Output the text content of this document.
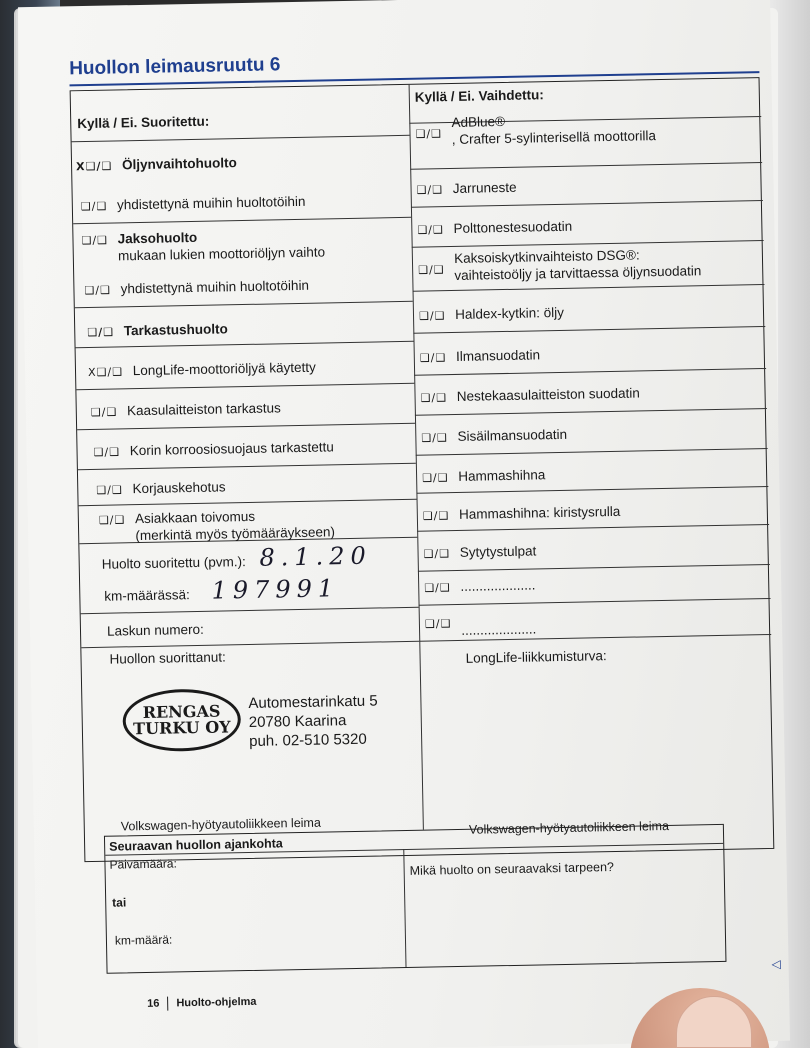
Huollon leimausruutu 6
Kyllä / Ei. Suoritettu:
Kyllä / Ei. Vaihdettu:
X❑/❑ Öljynvaihtohuolto
❑/❑ yhdistettynä muihin huoltotöihin
❑/❑ Jaksohuolto
mukaan lukien moottoriöljyn vaihto
❑/❑ yhdistettynä muihin huoltotöihin
❑/❑ Tarkastushuolto
X❑/❑ LongLife-moottoriöljyä käytetty
❑/❑ Kaasulaitteiston tarkastus
❑/❑ Korin korroosiosuojaus tarkastettu
❑/❑ Korjauskehotus
❑/❑ Asiakkaan toivomus
(merkintä myös työmääräykseen)
Huolto suoritettu (pvm.): 8.1.20
km-määrässä: 197991
Laskun numero:
❑/❑
AdBlue®
, Crafter 5-sylinterisellä moottorilla
❑/❑ Jarruneste
❑/❑ Polttonestesuodatin
$_{❑/❑}$
Kaksoiskytkinvaihteisto DSG®:
vaihteistoöljy ja tarvittaessa öljynsuodatin
❑/❑ Haldex-kytkin: öljy
❑/❑ Ilmansuodatin
❑/❑ Nestekaasulaitteiston suodatin
❑/❑ Sisäilmansuodatin
❑/❑ Hammashihna
❑/❑ Hammashihna: kiristysrulla
❑/❑ Sytytystulpat
❑/❑ ....................
❑/❑ ....................
Huollon suorittanut:	LongLife-liikkumisturva:
RENGAS
TURKU OY
Automestarinkatu 5
20780 Kaarina
puh. 02-510 5320
Volkswagen-hyötyautoliikkeen leima	Volkswagen-hyötyautoliikkeen leima
Seuraavan huollon ajankohta
Päivämäärä:
tai
km-määrä:
Mikä huolto on seuraavaksi tarpeen?
◁
16 Huolto-ohjelma
